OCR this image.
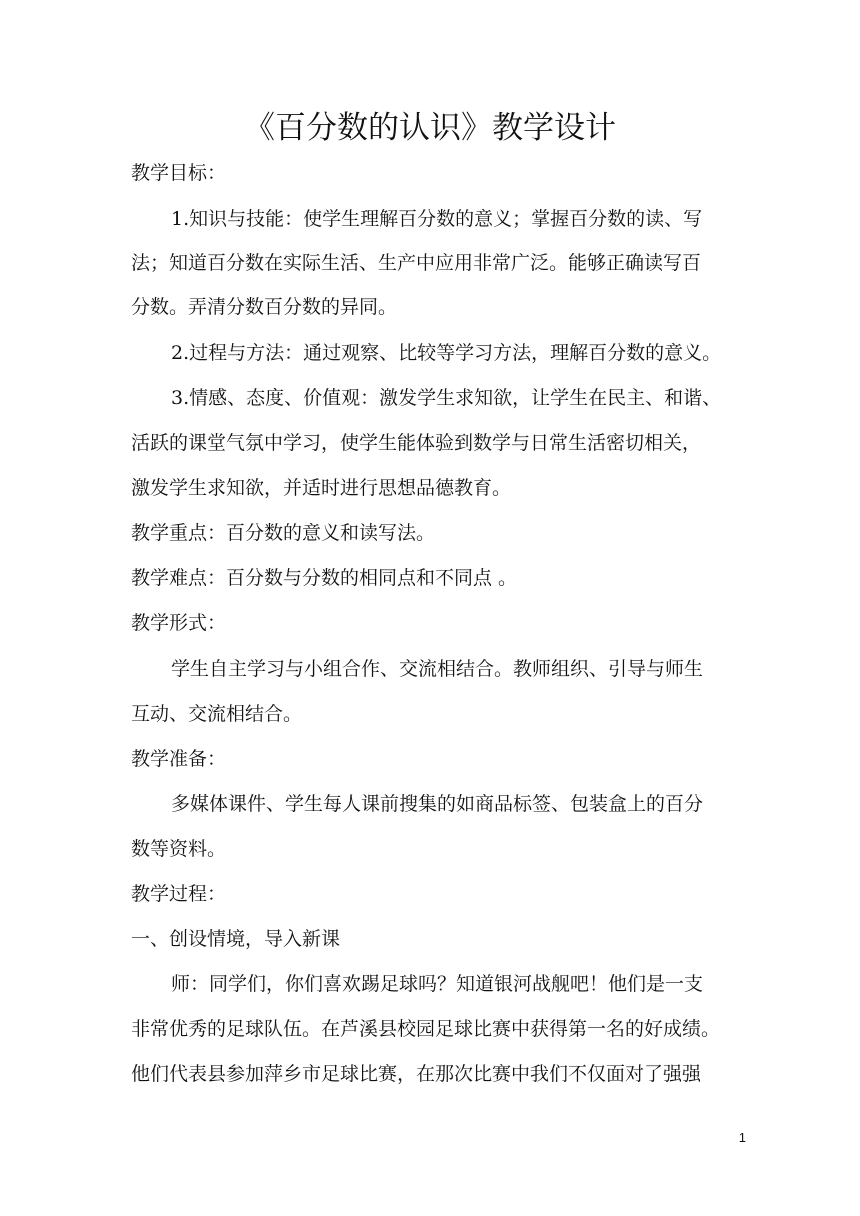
《百分数的认识》教学设计
教学目标：
1.知识与技能：使学生理解百分数的意义；掌握百分数的读、写
法；知道百分数在实际生活、生产中应用非常广泛。能够正确读写百
分数。弄清分数百分数的异同。
2.过程与方法：通过观察、比较等学习方法，理解百分数的意义。
3.情感、态度、价值观：激发学生求知欲，让学生在民主、和谐、
活跃的课堂气氛中学习，使学生能体验到数学与日常生活密切相关，
激发学生求知欲，并适时进行思想品德教育。
教学重点：百分数的意义和读写法。
教学难点：百分数与分数的相同点和不同点 。
教学形式：
学生自主学习与小组合作、交流相结合。教师组织、引导与师生
互动、交流相结合。
教学准备：
多媒体课件、学生每人课前搜集的如商品标签、包装盒上的百分
数等资料。
教学过程：
一、创设情境，导入新课
师：同学们，你们喜欢踢足球吗？知道银河战舰吧！他们是一支
非常优秀的足球队伍。在芦溪县校园足球比赛中获得第一名的好成绩。
他们代表县参加萍乡市足球比赛，在那次比赛中我们不仅面对了强强
1
